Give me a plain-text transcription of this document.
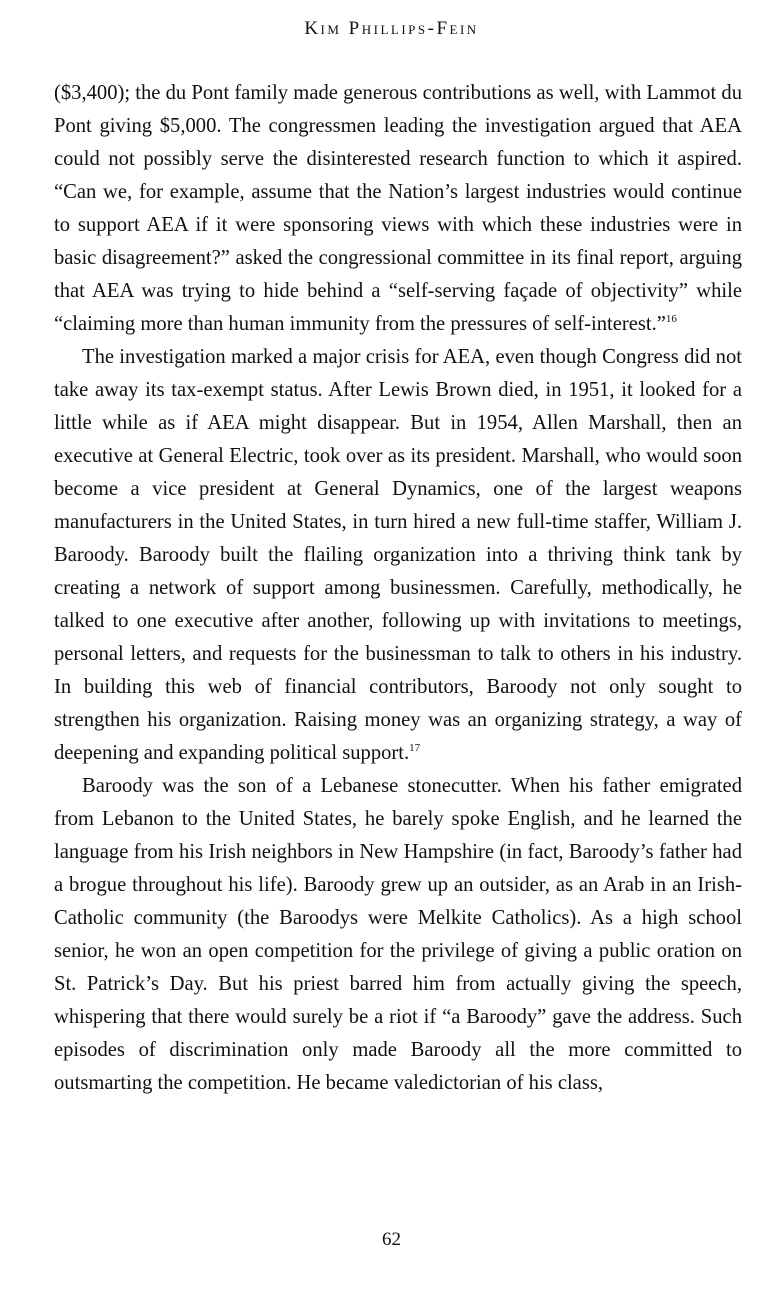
Kim Phillips-Fein

($3,400); the du Pont family made generous contributions as well, with Lammot du Pont giving $5,000. The congressmen leading the investigation argued that AEA could not possibly serve the disinterested research function to which it aspired. “Can we, for example, assume that the Nation’s largest industries would continue to support AEA if it were sponsoring views with which these industries were in basic disagreement?” asked the congressional committee in its final report, arguing that AEA was trying to hide behind a “self-serving façade of objectivity” while “claiming more than human immunity from the pressures of self-interest.”$^{16}$

The investigation marked a major crisis for AEA, even though Congress did not take away its tax-exempt status. After Lewis Brown died, in 1951, it looked for a little while as if AEA might disappear. But in 1954, Allen Marshall, then an executive at General Electric, took over as its president. Marshall, who would soon become a vice president at General Dynamics, one of the largest weapons manufacturers in the United States, in turn hired a new full-time staffer, William J. Baroody. Baroody built the flailing organization into a thriving think tank by creating a network of support among businessmen. Carefully, methodically, he talked to one executive after another, following up with invitations to meetings, personal letters, and requests for the businessman to talk to others in his industry. In building this web of financial contributors, Baroody not only sought to strengthen his organization. Raising money was an organizing strategy, a way of deepening and expanding political support.$^{17}$

Baroody was the son of a Lebanese stonecutter. When his father emigrated from Lebanon to the United States, he barely spoke English, and he learned the language from his Irish neighbors in New Hampshire (in fact, Baroody’s father had a brogue throughout his life). Baroody grew up an outsider, as an Arab in an Irish-Catholic community (the Baroodys were Melkite Catholics). As a high school senior, he won an open competition for the privilege of giving a public oration on St. Patrick’s Day. But his priest barred him from actually giving the speech, whispering that there would surely be a riot if “a Baroody” gave the address. Such episodes of discrimination only made Baroody all the more committed to outsmarting the competition. He became valedictorian of his class,

62
